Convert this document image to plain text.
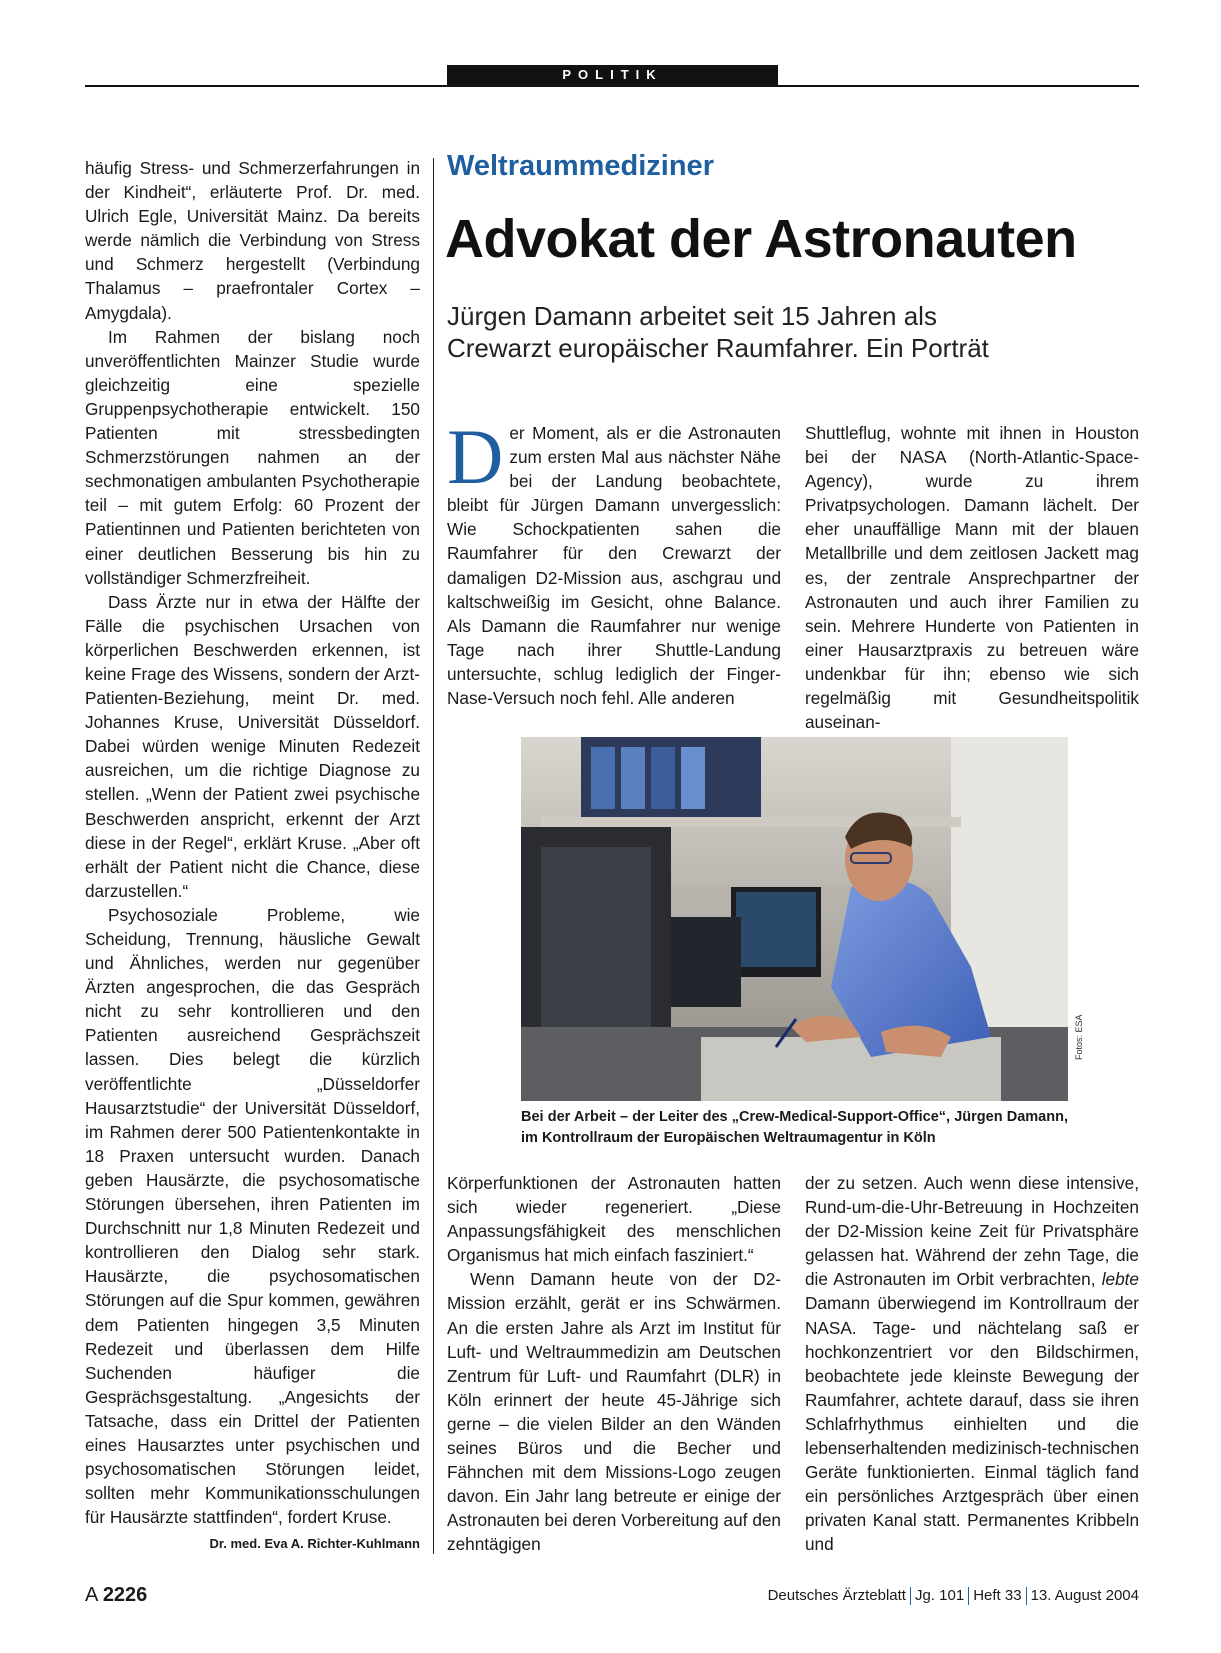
POLITIK

häufig Stress- und Schmerzerfahrungen in der Kindheit“, erläuterte Prof. Dr. med. Ulrich Egle, Universität Mainz. Da bereits werde nämlich die Verbindung von Stress und Schmerz hergestellt (Verbindung Thalamus – praefrontaler Cortex – Amygdala).

Im Rahmen der bislang noch unveröffentlichten Mainzer Studie wurde gleichzeitig eine spezielle Gruppenpsychotherapie entwickelt. 150 Patienten mit stressbedingten Schmerzstörungen nahmen an der sechmonatigen ambulanten Psychotherapie teil – mit gutem Erfolg: 60 Prozent der Patientinnen und Patienten berichteten von einer deutlichen Besserung bis hin zu vollständiger Schmerzfreiheit.

Dass Ärzte nur in etwa der Hälfte der Fälle die psychischen Ursachen von körperlichen Beschwerden erkennen, ist keine Frage des Wissens, sondern der Arzt-Patienten-Beziehung, meint Dr. med. Johannes Kruse, Universität Düsseldorf. Dabei würden wenige Minuten Redezeit ausreichen, um die richtige Diagnose zu stellen. „Wenn der Patient zwei psychische Beschwerden anspricht, erkennt der Arzt diese in der Regel“, erklärt Kruse. „Aber oft erhält der Patient nicht die Chance, diese darzustellen.“

Psychosoziale Probleme, wie Scheidung, Trennung, häusliche Gewalt und Ähnliches, werden nur gegenüber Ärzten angesprochen, die das Gespräch nicht zu sehr kontrollieren und den Patienten ausreichend Gesprächszeit lassen. Dies belegt die kürzlich veröffentlichte „Düsseldorfer Hausarztstudie“ der Universität Düsseldorf, im Rahmen derer 500 Patientenkontakte in 18 Praxen untersucht wurden. Danach geben Hausärzte, die psychosomatische Störungen übersehen, ihren Patienten im Durchschnitt nur 1,8 Minuten Redezeit und kontrollieren den Dialog sehr stark. Hausärzte, die psychosomatischen Störungen auf die Spur kommen, gewähren dem Patienten hingegen 3,5 Minuten Redezeit und überlassen dem Hilfe Suchenden häufiger die Gesprächsgestaltung. „Angesichts der Tatsache, dass ein Drittel der Patienten eines Hausarztes unter psychischen und psychosomatischen Störungen leidet, sollten mehr Kommunikationsschulungen für Hausärzte stattfinden“, fordert Kruse.
Dr. med. Eva A. Richter-Kuhlmann

Weltraummediziner
Advokat der Astronauten
Jürgen Damann arbeitet seit 15 Jahren als Crewarzt europäischer Raumfahrer. Ein Porträt

Der Moment, als er die Astronauten zum ersten Mal aus nächster Nähe bei der Landung beobachtete, bleibt für Jürgen Damann unvergesslich: Wie Schockpatienten sahen die Raumfahrer für den Crewarzt der damaligen D2-Mission aus, aschgrau und kaltschweißig im Gesicht, ohne Balance. Als Damann die Raumfahrer nur wenige Tage nach ihrer Shuttle-Landung untersuchte, schlug lediglich der Finger-Nase-Versuch noch fehl. Alle anderen

Shuttleflug, wohnte mit ihnen in Houston bei der NASA (North-Atlantic-Space-Agency), wurde zu ihrem Privatpsychologen. Damann lächelt. Der eher unauffällige Mann mit der blauen Metallbrille und dem zeitlosen Jackett mag es, der zentrale Ansprechpartner der Astronauten und auch ihrer Familien zu sein. Mehrere Hunderte von Patienten in einer Hausarztpraxis zu betreuen wäre undenkbar für ihn; ebenso wie sich regelmäßig mit Gesundheitspolitik auseinan-

Fotos: ESA
Bei der Arbeit – der Leiter des „Crew-Medical-Support-Office“, Jürgen Damann, im Kontrollraum der Europäischen Weltraumagentur in Köln

Körperfunktionen der Astronauten hatten sich wieder regeneriert. „Diese Anpassungsfähigkeit des menschlichen Organismus hat mich einfach fasziniert.“

Wenn Damann heute von der D2-Mission erzählt, gerät er ins Schwärmen. An die ersten Jahre als Arzt im Institut für Luft- und Weltraummedizin am Deutschen Zentrum für Luft- und Raumfahrt (DLR) in Köln erinnert der heute 45-Jährige sich gerne – die vielen Bilder an den Wänden seines Büros und die Becher und Fähnchen mit dem Missions-Logo zeugen davon. Ein Jahr lang betreute er einige der Astronauten bei deren Vorbereitung auf den zehntägigen

der zu setzen. Auch wenn diese intensive, Rund-um-die-Uhr-Betreuung in Hochzeiten der D2-Mission keine Zeit für Privatsphäre gelassen hat. Während der zehn Tage, die die Astronauten im Orbit verbrachten, lebte Damann überwiegend im Kontrollraum der NASA. Tage- und nächtelang saß er hochkonzentriert vor den Bildschirmen, beobachtete jede kleinste Bewegung der Raumfahrer, achtete darauf, dass sie ihren Schlafrhythmus einhielten und die lebenserhaltenden medizinisch-technischen Geräte funktionierten. Einmal täglich fand ein persönliches Arztgespräch über einen privaten Kanal statt. Permanentes Kribbeln und

A 2226	Deutsches Ärzteblatt Jg. 101 Heft 33 13. August 2004
